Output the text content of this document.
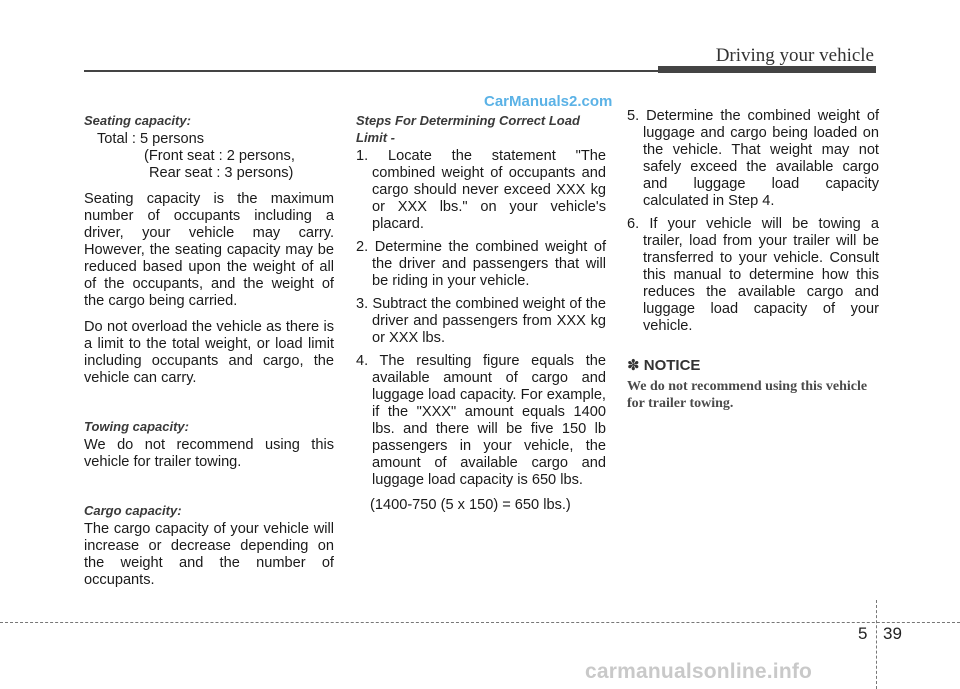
Driving your vehicle
CarManuals2.com
Seating capacity:
Total : 5 persons
(Front seat : 2 persons,
Rear seat : 3 persons)

Seating capacity is the maximum number of occupants including a driver, your vehicle may carry. However, the seating capacity may be reduced based upon the weight of all of the occupants, and the weight of the cargo being carried.

Do not overload the vehicle as there is a limit to the total weight, or load limit including occupants and cargo, the vehicle can carry.

Towing capacity:

We do not recommend using this vehicle for trailer towing.

Cargo capacity:

The cargo capacity of your vehicle will increase or decrease depending on the weight and the number of occupants.

Steps For Determining Correct Load Limit -
1. Locate the statement "The combined weight of occupants and cargo should never exceed XXX kg or XXX lbs." on your vehicle's placard.
2. Determine the combined weight of the driver and passengers that will be riding in your vehicle.
3. Subtract the combined weight of the driver and passengers from XXX kg or XXX lbs.
4. The resulting figure equals the available amount of cargo and luggage load capacity. For example, if the "XXX" amount equals 1400 lbs. and there will be five 150 lb passengers in your vehicle, the amount of available cargo and luggage load capacity is 650 lbs.
(1400-750 (5 x 150) = 650 lbs.)
5. Determine the combined weight of luggage and cargo being loaded on the vehicle. That weight may not safely exceed the available cargo and luggage load capacity calculated in Step 4.
6. If your vehicle will be towing a trailer, load from your trailer will be transferred to your vehicle. Consult this manual to determine how this reduces the available cargo and luggage load capacity of your vehicle.
✽ NOTICE
We do not recommend using this vehicle for trailer towing.
5 39
carmanualsonline.info
